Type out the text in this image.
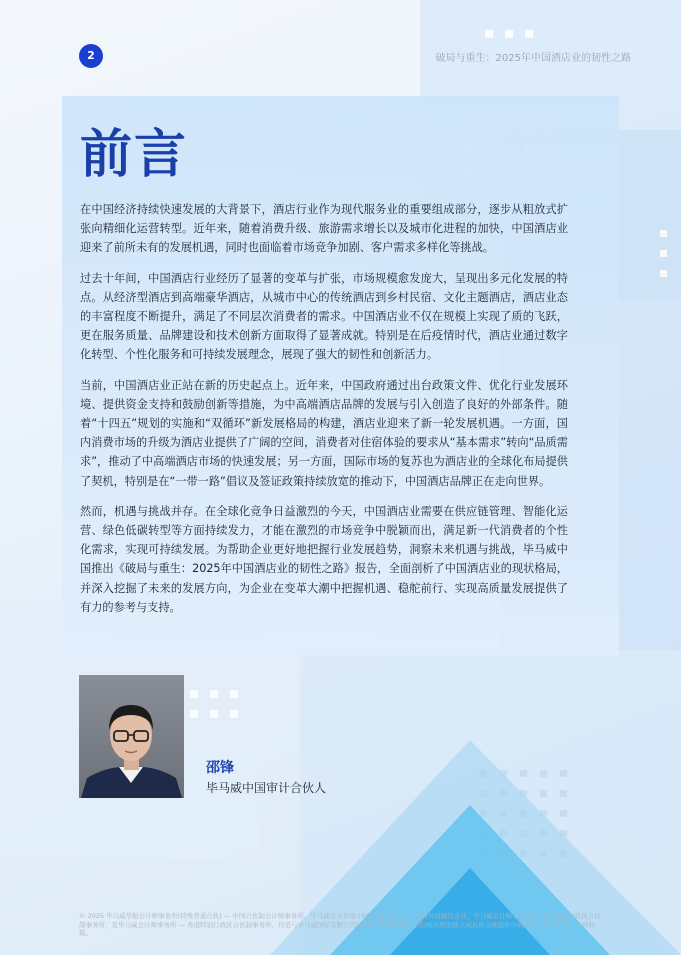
2	破局与重生：2025年中国酒店业的韧性之路
前言

在中国经济持续快速发展的大背景下，酒店行业作为现代服务业的重要组成部分，逐步从粗放式扩张向精细化运营转型。近年来，随着消费升级、旅游需求增长以及城市化进程的加快，中国酒店业迎来了前所未有的发展机遇，同时也面临着市场竞争加剧、客户需求多样化等挑战。

过去十年间，中国酒店行业经历了显著的变革与扩张，市场规模愈发庞大，呈现出多元化发展的特点。从经济型酒店到高端豪华酒店，从城市中心的传统酒店到乡村民宿、文化主题酒店，酒店业态的丰富程度不断提升，满足了不同层次消费者的需求。中国酒店业不仅在规模上实现了质的飞跃，更在服务质量、品牌建设和技术创新方面取得了显著成就。特别是在后疫情时代，酒店业通过数字化转型、个性化服务和可持续发展理念，展现了强大的韧性和创新活力。

当前，中国酒店业正站在新的历史起点上。近年来，中国政府通过出台政策文件、优化行业发展环境、提供资金支持和鼓励创新等措施，为中高端酒店品牌的发展与引入创造了良好的外部条件。随着“十四五”规划的实施和“双循环”新发展格局的构建，酒店业迎来了新一轮发展机遇。一方面，国内消费市场的升级为酒店业提供了广阔的空间，消费者对住宿体验的要求从“基本需求”转向“品质需求”，推动了中高端酒店市场的快速发展；另一方面，国际市场的复苏也为酒店业的全球化布局提供了契机，特别是在“一带一路”倡议及签证政策持续放宽的推动下，中国酒店品牌正在走向世界。

然而，机遇与挑战并存。在全球化竞争日益激烈的今天，中国酒店业需要在供应链管理、智能化运营、绿色低碳转型等方面持续发力，才能在激烈的市场竞争中脱颖而出，满足新一代消费者的个性化需求，实现可持续发展。为帮助企业更好地把握行业发展趋势，洞察未来机遇与挑战，毕马威中国推出《破局与重生：2025年中国酒店业的韧性之路》报告，全面剖析了中国酒店业的现状格局，并深入挖掘了未来的发展方向，为企业在变革大潮中把握机遇、稳舵前行、实现高质量发展提供了有力的参考与支持。

邵锋
毕马威中国审计合伙人
© 2025 毕马威华振会计师事务所(特殊普通合伙) — 中国合伙制会计师事务所，毕马威企业咨询 (中国) 有限公司 — 中国外商独资企业，毕马威会计师事务所 — 澳门特别行政区合伙制事务所，及毕马威会计师事务所 — 香港特别行政区合伙制事务所，均是与毕马威国际有限公司(英国私营担保有限公司)相关联的独立成员所全球组织中的成员。版权所有，不得转载。
